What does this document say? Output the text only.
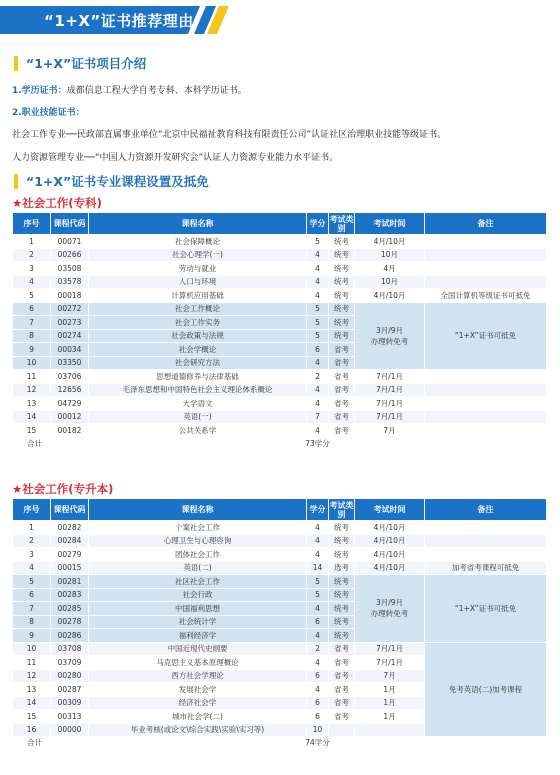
“1+X”证书推荐理由
“1+X”证书项目介绍
1.学历证书：成都信息工程大学自考专科、本科学历证书。
2.职业技能证书：
社会工作专业──民政部直属事业单位“北京中民福祉教育科技有限责任公司”认证社区治理职业技能等级证书。
人力资源管理专业──“中国人力资源开发研究会”认证人力资源专业能力水平证书。
“1+X”证书专业课程设置及抵免
★社会工作(专科)
序号	课程代码	课程名称	学分	考试类别	考试时间	备注
1	00071	社会保障概论	5	统考	4月/10月	
2	00266	社会心理学(一)	4	统考	10月	
3	03508	劳动与就业	4	统考	4月	
4	03578	人口与环境	4	统考	10月	
5	00018	计算机应用基础	4	统考	4月/10月	全国计算机等级证书可抵免
6	00272	社会工作概论	5	统考	3月/9月
办理转免考	“1+X”证书可抵免
7	00273	社会工作实务	5	统考		
8	00274	社会政策与法规	5	统考		
9	00034	社会学概论	6	省考		
10	03350	社会研究方法	4	省考		
11	03706	思想道德修养与法律基础	2	省考	7月/1月	
12	12656	毛泽东思想和中国特色社会主义理论体系概论	4	省考	7月/1月	
13	04729	大学语文	4	省考	7月/1月	
14	00012	英语(一)	7	省考	7月/1月	
15	00182	公共关系学	4	省考	7月	
合计		73学分				
★社会工作(专升本)
序号	课程代码	课程名称	学分	考试类别	考试时间	备注
1	00282	个案社会工作	4	统考	4月/10月	
2	00284	心理卫生与心理咨询	4	统考	4月/10月	
3	00279	团体社会工作	4	统考	4月/10月	
4	00015	英语(二)	14	选考	4月/10月	加考省考课程可抵免
5	00281	社区社会工作	5	统考	3月/9月
办理转免考	“1+X”证书可抵免
6	00283	社会行政	5	统考		
7	00285	中国福利思想	4	统考		
8	00278	社会统计学	6	统考		
9	00286	福利经济学	4	统考		
10	03708	中国近现代史纲要	2	省考	7月/1月	免考英语(二)加考课程
11	03709	马克思主义基本原理概论	4	省考	7月/1月	
12	00280	西方社会学理论	6	省考	7月	
13	00287	发展社会学	4	省考	1月	
14	00309	经济社会学	6	省考	1月	
15	00313	城市社会学(二)	6	省考	1月	
16	00000	毕业考核(或论文\综合实践\实验\实习等)	10			
合计		74学分				
